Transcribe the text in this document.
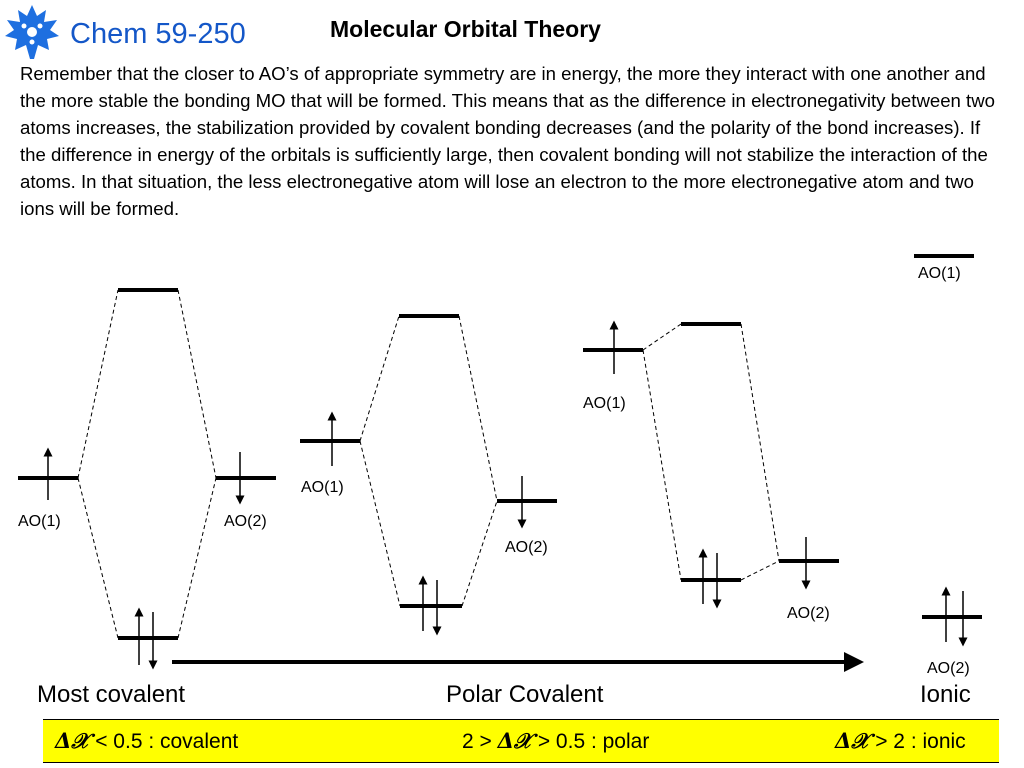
Chem 59-250	Molecular Orbital Theory

Remember that the closer to AO’s of appropriate symmetry are in energy, the more they interact with one another and the more stable the bonding MO that will be formed. This means that as the difference in electronegativity between two atoms increases, the stabilization provided by covalent bonding decreases (and the polarity of the bond increases). If the difference in energy of the orbitals is sufficiently large, then covalent bonding will not stabilize the interaction of the atoms. In that situation, the less electronegative atom will lose an electron to the more electronegative atom and two ions will be formed.

AO(1)	AO(2)
AO(1)
AO(2)
AO(1)
AO(2)
AO(1)
AO(2)
Most covalent	Polar Covalent	Ionic
Δ𝒳 < 0.5 : covalent	2 > Δ𝒳 > 0.5 : polar	Δ𝒳 > 2 : ionic
